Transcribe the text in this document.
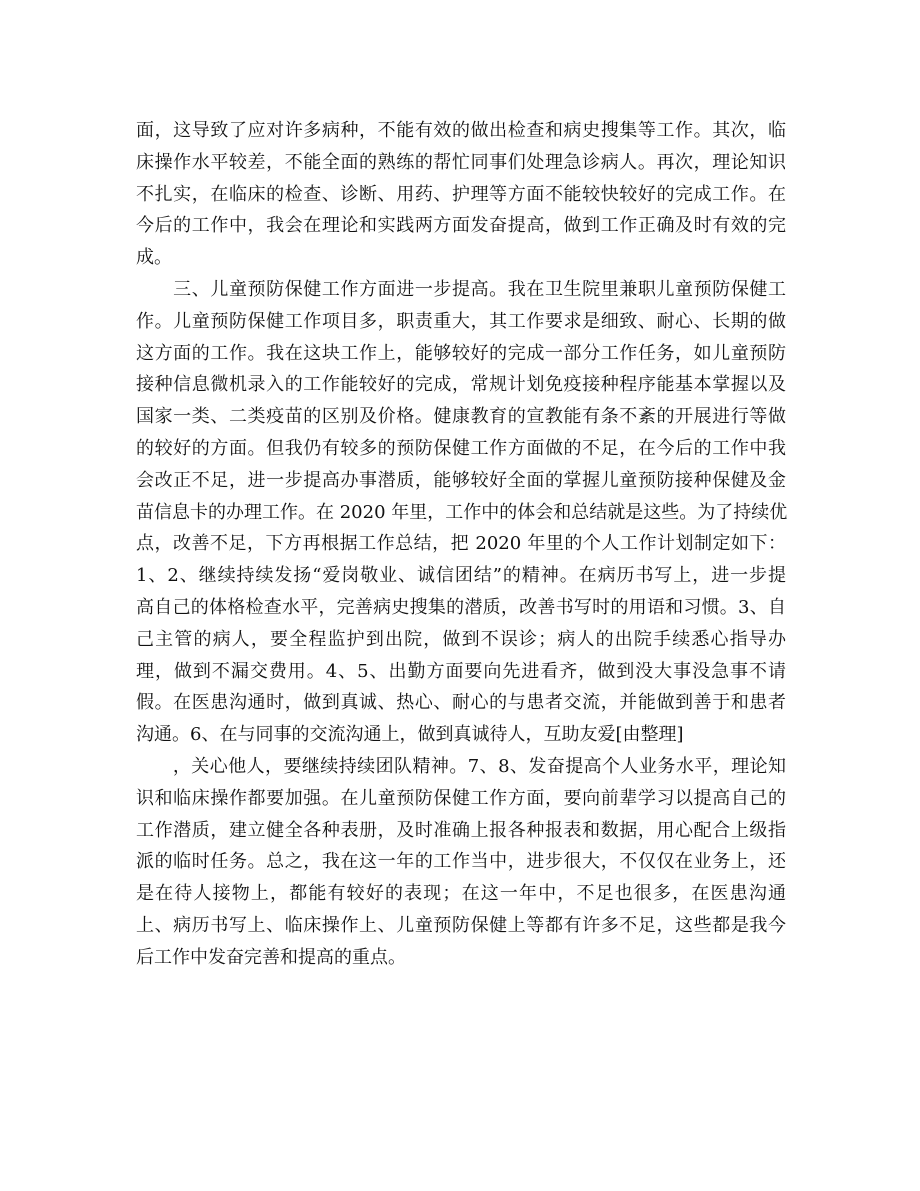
面，这导致了应对许多病种，不能有效的做出检查和病史搜集等工作。其次，临
床操作水平较差，不能全面的熟练的帮忙同事们处理急诊病人。再次，理论知识
不扎实，在临床的检查、诊断、用药、护理等方面不能较快较好的完成工作。在
今后的工作中，我会在理论和实践两方面发奋提高，做到工作正确及时有效的完
成。
　　三、儿童预防保健工作方面进一步提高。我在卫生院里兼职儿童预防保健工
作。儿童预防保健工作项目多，职责重大，其工作要求是细致、耐心、长期的做
这方面的工作。我在这块工作上，能够较好的完成一部分工作任务，如儿童预防
接种信息微机录入的工作能较好的完成，常规计划免疫接种程序能基本掌握以及
国家一类、二类疫苗的区别及价格。健康教育的宣教能有条不紊的开展进行等做
的较好的方面。但我仍有较多的预防保健工作方面做的不足，在今后的工作中我
会改正不足，进一步提高办事潜质，能够较好全面的掌握儿童预防接种保健及金
苗信息卡的办理工作。在 2020 年里，工作中的体会和总结就是这些。为了持续优
点，改善不足，下方再根据工作总结，把 2020 年里的个人工作计划制定如下：
1、2、继续持续发扬“爱岗敬业、诚信团结”的精神。在病历书写上，进一步提
高自己的体格检查水平，完善病史搜集的潜质，改善书写时的用语和习惯。3、自
己主管的病人，要全程监护到出院，做到不误诊；病人的出院手续悉心指导办
理，做到不漏交费用。4、5、出勤方面要向先进看齐，做到没大事没急事不请
假。在医患沟通时，做到真诚、热心、耐心的与患者交流，并能做到善于和患者
沟通。6、在与同事的交流沟通上，做到真诚待人，互助友爱[由整理]
　　，关心他人，要继续持续团队精神。7、8、发奋提高个人业务水平，理论知
识和临床操作都要加强。在儿童预防保健工作方面，要向前辈学习以提高自己的
工作潜质，建立健全各种表册，及时准确上报各种报表和数据，用心配合上级指
派的临时任务。总之，我在这一年的工作当中，进步很大，不仅仅在业务上，还
是在待人接物上，都能有较好的表现；在这一年中，不足也很多，在医患沟通
上、病历书写上、临床操作上、儿童预防保健上等都有许多不足，这些都是我今
后工作中发奋完善和提高的重点。
